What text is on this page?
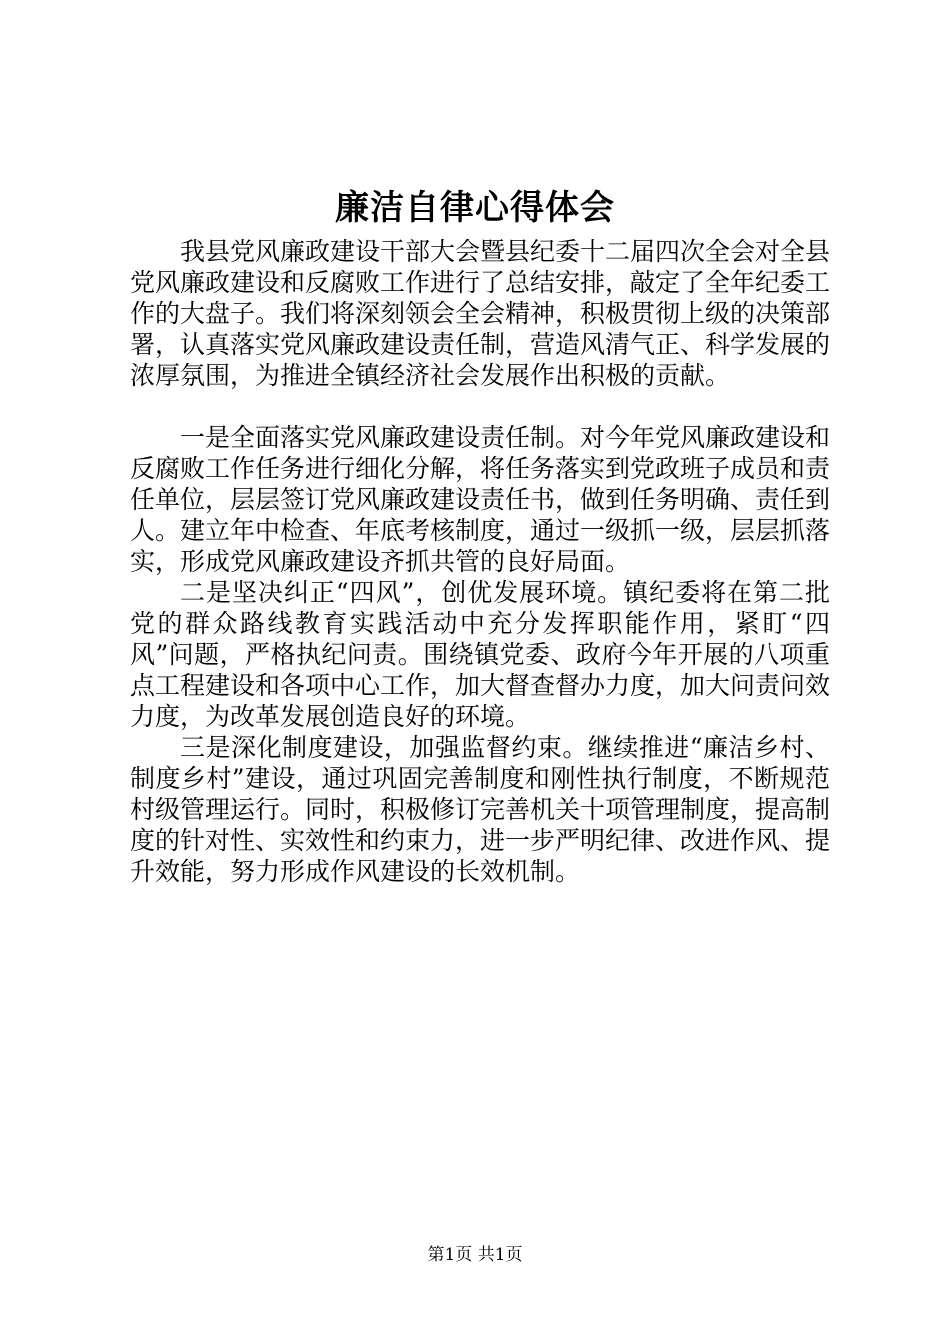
廉洁自律心得体会

我县党风廉政建设干部大会暨县纪委十二届四次全会对全县党风廉政建设和反腐败工作进行了总结安排，敲定了全年纪委工作的大盘子。我们将深刻领会全会精神，积极贯彻上级的决策部署，认真落实党风廉政建设责任制，营造风清气正、科学发展的浓厚氛围，为推进全镇经济社会发展作出积极的贡献。

一是全面落实党风廉政建设责任制。对今年党风廉政建设和反腐败工作任务进行细化分解，将任务落实到党政班子成员和责任单位，层层签订党风廉政建设责任书，做到任务明确、责任到人。建立年中检查、年底考核制度，通过一级抓一级，层层抓落实，形成党风廉政建设齐抓共管的良好局面。

二是坚决纠正“四风”，创优发展环境。镇纪委将在第二批党的群众路线教育实践活动中充分发挥职能作用，紧盯“四风”问题，严格执纪问责。围绕镇党委、政府今年开展的八项重点工程建设和各项中心工作，加大督查督办力度，加大问责问效力度，为改革发展创造良好的环境。

三是深化制度建设，加强监督约束。继续推进“廉洁乡村、制度乡村”建设，通过巩固完善制度和刚性执行制度，不断规范村级管理运行。同时，积极修订完善机关十项管理制度，提高制度的针对性、实效性和约束力，进一步严明纪律、改进作风、提升效能，努力形成作风建设的长效机制。

第1页 共1页
